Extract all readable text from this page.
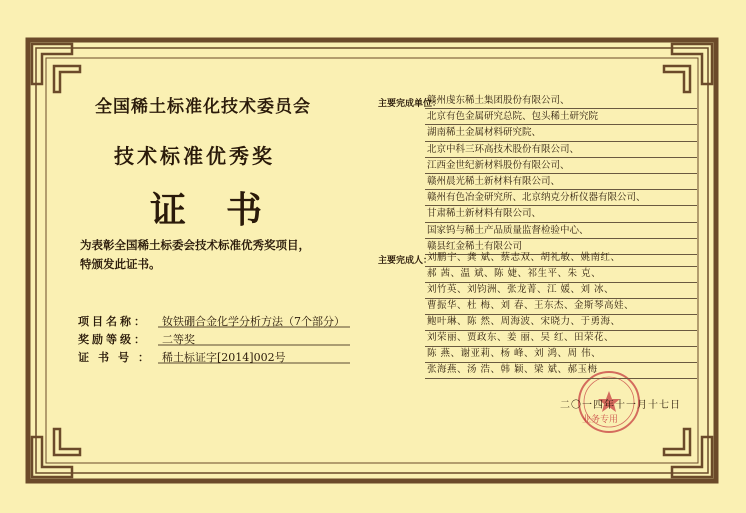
全国稀土标准化技术委员会
技术标准优秀奖
证书
为表彰全国稀土标委会技术标准优秀奖项目，
特颁发此证书。
项目名称： 钕铁硼合金化学分析方法（7个部分）
奖励等级： 二等奖
证书号： 稀土标证字[2014]002号
主要完成单位：
赣州虔东稀土集团股份有限公司、
北京有色金属研究总院、包头稀土研究院
湖南稀土金属材料研究院、
北京中科三环高技术股份有限公司、
江西金世纪新材料股份有限公司、
赣州晨光稀土新材料有限公司、
赣州有色冶金研究所、北京纳克分析仪器有限公司、
甘肃稀土新材料有限公司、
国家钨与稀土产品质量监督检验中心、
赣县红金稀土有限公司
主要完成人：
刘鹏宇、龚 斌、蔡志双、胡礼敏、姚南红、
郝 茜、温 斌、陈 婕、祁生平、朱 克、
刘竹英、刘钧洲、张龙菁、江 媛、刘 冰、
曹振华、杜 梅、刘 春、王东杰、金斯琴高娃、
鲍叶琳、陈 然、周海波、宋晓力、于勇海、
刘荣丽、贾政东、姜 丽、吴 红、田荣花、
陈 燕、谢亚莉、杨 峰、刘 鸿、周 伟、
张海燕、汤 浩、韩 颖、梁 斌、郝玉梅
二〇一四年十一月十七日
业务专用
